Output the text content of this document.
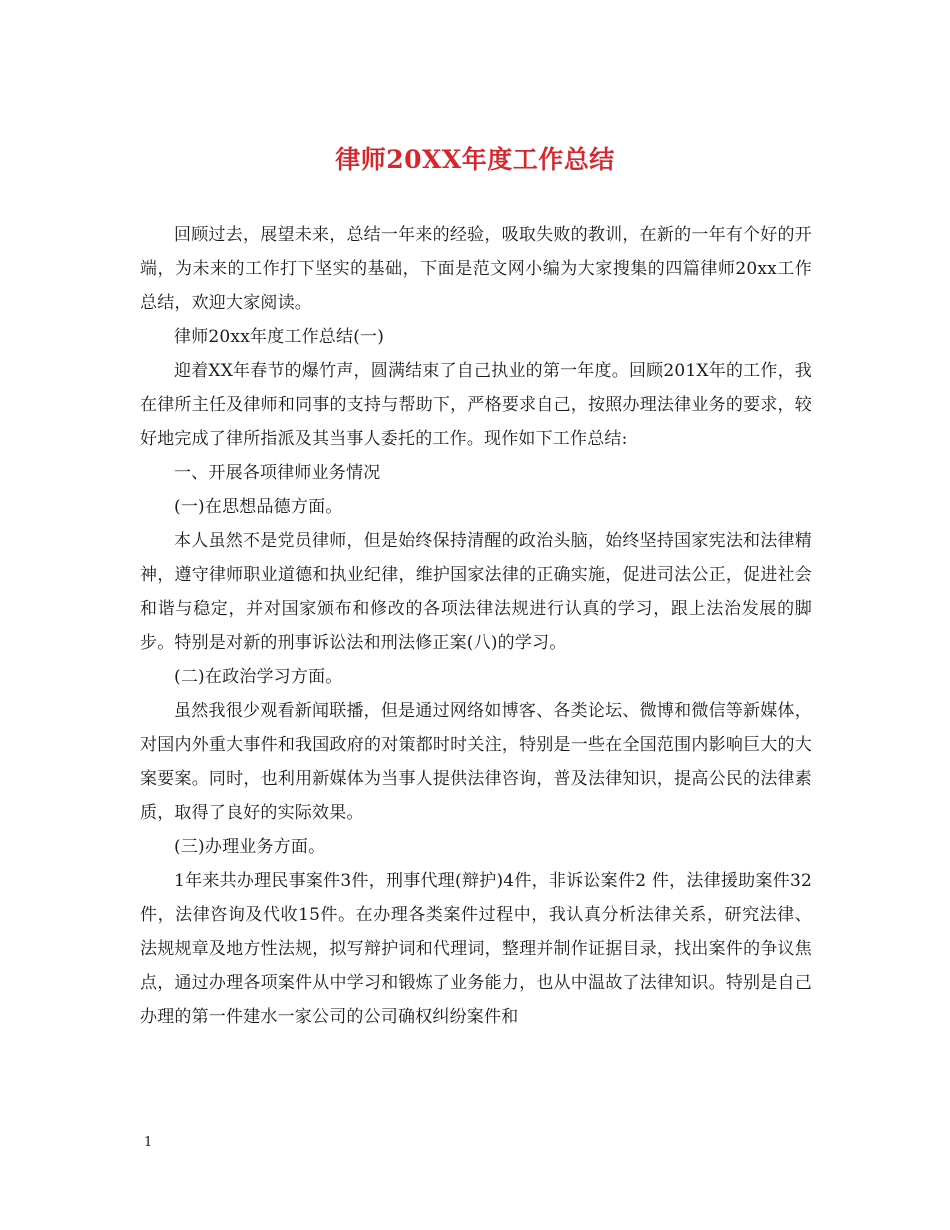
律师20XX年度工作总结

回顾过去，展望未来，总结一年来的经验，吸取失败的教训，在新的一年有个好的开端，为未来的工作打下坚实的基础，下面是范文网小编为大家搜集的四篇律师20xx工作总结，欢迎大家阅读。

律师20xx年度工作总结(一)

迎着XX年春节的爆竹声，圆满结束了自己执业的第一年度。回顾201X年的工作，我在律所主任及律师和同事的支持与帮助下，严格要求自己，按照办理法律业务的要求，较好地完成了律所指派及其当事人委托的工作。现作如下工作总结:

一、开展各项律师业务情况

(一)在思想品德方面。

本人虽然不是党员律师，但是始终保持清醒的政治头脑，始终坚持国家宪法和法律精神，遵守律师职业道德和执业纪律，维护国家法律的正确实施，促进司法公正，促进社会和谐与稳定，并对国家颁布和修改的各项法律法规进行认真的学习，跟上法治发展的脚步。特别是对新的刑事诉讼法和刑法修正案(八)的学习。

(二)在政治学习方面。

虽然我很少观看新闻联播，但是通过网络如博客、各类论坛、微博和微信等新媒体，对国内外重大事件和我国政府的对策都时时关注，特别是一些在全国范围内影响巨大的大案要案。同时，也利用新媒体为当事人提供法律咨询，普及法律知识，提高公民的法律素质，取得了良好的实际效果。

(三)办理业务方面。

1年来共办理民事案件3件，刑事代理(辩护)4件，非诉讼案件2 件，法律援助案件32 件，法律咨询及代收15件。在办理各类案件过程中，我认真分析法律关系，研究法律、法规规章及地方性法规，拟写辩护词和代理词，整理并制作证据目录，找出案件的争议焦点，通过办理各项案件从中学习和锻炼了业务能力，也从中温故了法律知识。特别是自己办理的第一件建水一家公司的公司确权纠纷案件和

1
